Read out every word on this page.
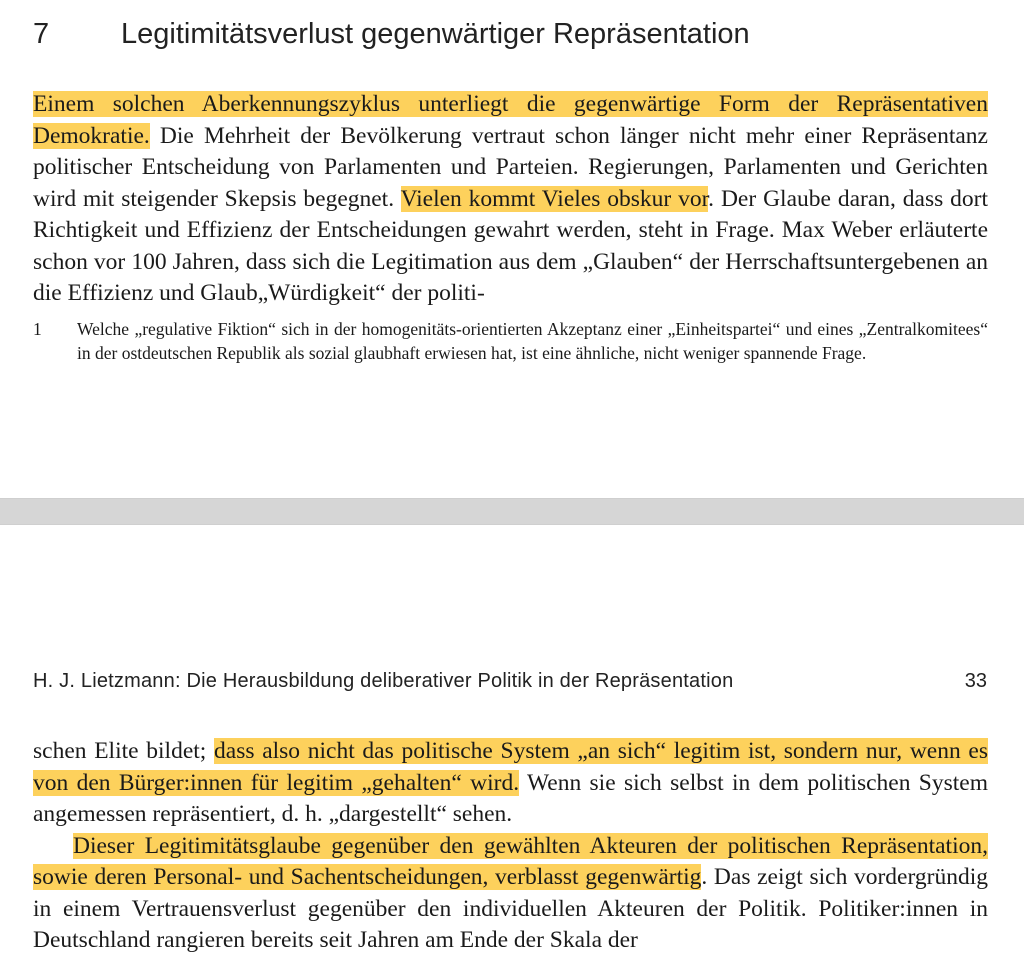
7 Legitimitätsverlust gegenwärtiger Repräsentation

Einem solchen Aberkennungszyklus unterliegt die gegenwärtige Form der Repräsentativen Demokratie. Die Mehrheit der Bevölkerung vertraut schon länger nicht mehr einer Repräsentanz politischer Entscheidung von Parlamenten und Parteien. Regierungen, Parlamenten und Gerichten wird mit steigender Skepsis begegnet. Vielen kommt Vieles obskur vor. Der Glaube daran, dass dort Richtigkeit und Effizienz der Entscheidungen gewahrt werden, steht in Frage. Max Weber erläuterte schon vor 100 Jahren, dass sich die Legitimation aus dem „Glauben“ der Herrschaftsuntergebenen an die Effizienz und Glaub„Würdigkeit“ der politi-

1 Welche „regulative Fiktion“ sich in der homogenitäts-orientierten Akzeptanz einer „Einheitspartei“ und eines „Zentralkomitees“ in der ostdeutschen Republik als sozial glaubhaft erwiesen hat, ist eine ähnliche, nicht weniger spannende Frage.
H. J. Lietzmann: Die Herausbildung deliberativer Politik in der Repräsentation	33
schen Elite bildet; dass also nicht das politische System „an sich“ legitim ist, sondern nur, wenn es von den Bürger:innen für legitim „gehalten“ wird. Wenn sie sich selbst in dem politischen System angemessen repräsentiert, d. h. „dargestellt“ sehen.
Dieser Legitimitätsglaube gegenüber den gewählten Akteuren der politischen Repräsentation, sowie deren Personal- und Sachentscheidungen, verblasst gegenwärtig. Das zeigt sich vordergründig in einem Vertrauensverlust gegenüber den individuellen Akteuren der Politik. Politiker:innen in Deutschland rangieren bereits seit Jahren am Ende der Skala der
